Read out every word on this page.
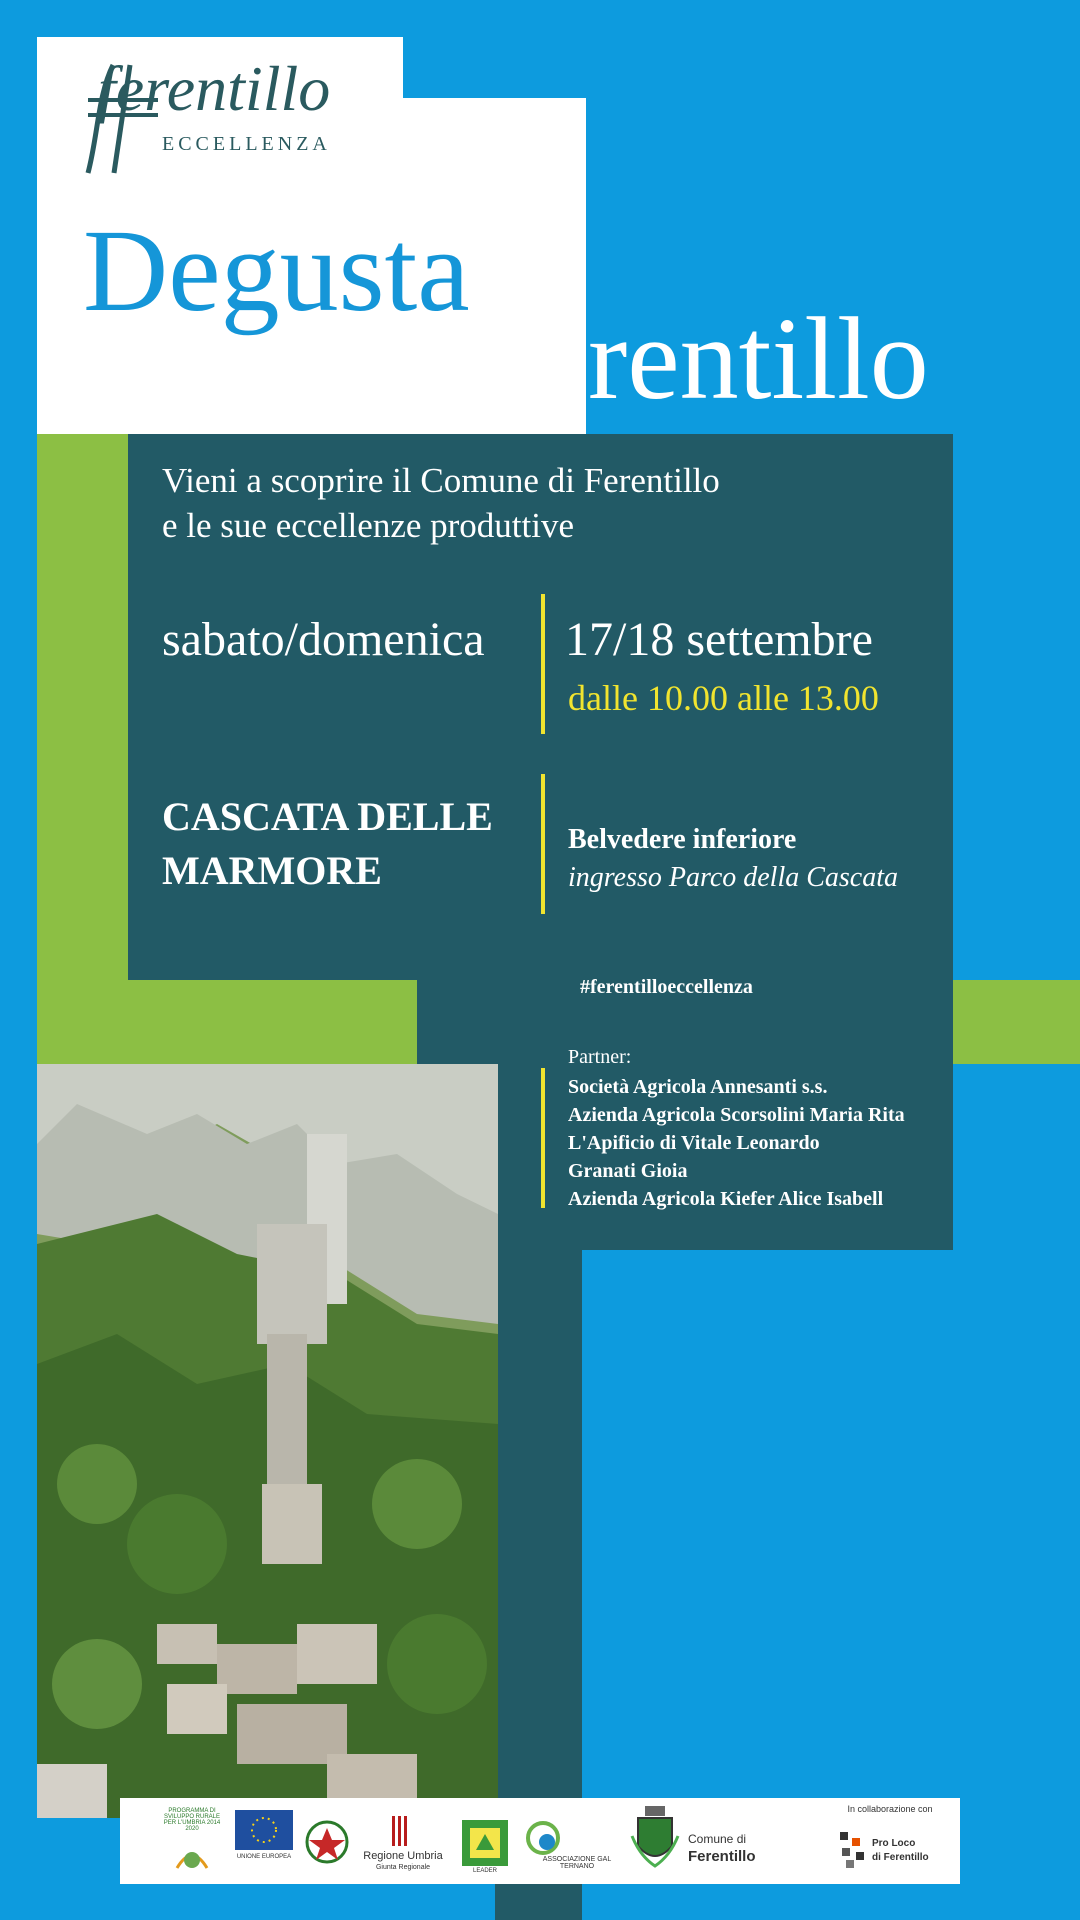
ferentillo
ECCELLENZA
Degusta
Ferentillo
Vieni a scoprire il Comune di Ferentillo
e le sue eccellenze produttive
sabato/domenica 17/18 settembre
dalle 10.00 alle 13.00
CASCATA DELLE
MARMORE
Belvedere inferiore
ingresso Parco della Cascata
#ferentilloeccellenza
Partner:
Società Agricola Annesanti s.s.
Azienda Agricola Scorsolini Maria Rita
L'Apificio di Vitale Leonardo
Granati Gioia
Azienda Agricola Kiefer Alice Isabell
PROGRAMMA DI SVILUPPO RURALE PER L'UMBRIA 2014 2020
UNIONE EUROPEA	Regione Umbria
Giunta Regionale	LEADER
ASSOCIAZIONE GAL TERNANO
Comune di
Ferentillo
In collaborazione con
Pro Loco
di Ferentillo
